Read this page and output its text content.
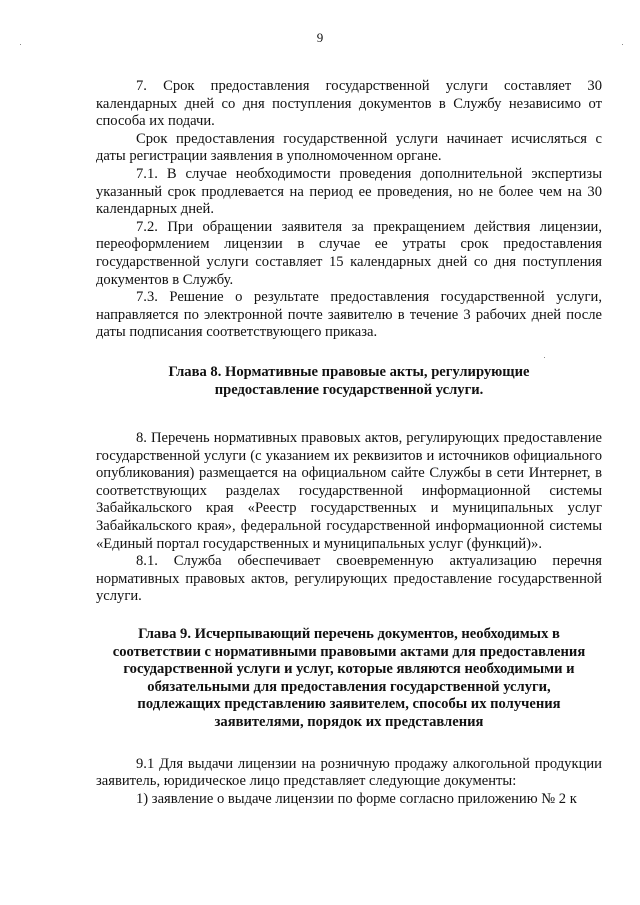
9

7. Срок предоставления государственной услуги составляет 30 календарных дней со дня поступления документов в Службу независимо от способа их подачи.

Срок предоставления государственной услуги начинает исчисляться с даты регистрации заявления в уполномоченном органе.

7.1. В случае необходимости проведения дополнительной экспертизы указанный срок продлевается на период ее проведения, но не более чем на 30 календарных дней.

7.2. При обращении заявителя за прекращением действия лицензии, переоформлением лицензии в случае ее утраты срок предоставления государственной услуги составляет 15 календарных дней со дня поступления документов в Службу.

7.3. Решение о результате предоставления государственной услуги, направляется по электронной почте заявителю в течение 3 рабочих дней после даты подписания соответствующего приказа.

Глава 8. Нормативные правовые акты, регулирующие
предоставление государственной услуги.

8. Перечень нормативных правовых актов, регулирующих предоставление государственной услуги (с указанием их реквизитов и источников официального опубликования) размещается на официальном сайте Службы в сети Интернет, в соответствующих разделах государственной информационной системы Забайкальского края «Реестр государственных и муниципальных услуг Забайкальского края», федеральной государственной информационной системы «Единый портал государственных и муниципальных услуг (функций)».

8.1. Служба обеспечивает своевременную актуализацию перечня нормативных правовых актов, регулирующих предоставление государственной услуги.

Глава 9. Исчерпывающий перечень документов, необходимых в
соответствии с нормативными правовыми актами для предоставления
государственной услуги и услуг, которые являются необходимыми и
обязательными для предоставления государственной услуги,
подлежащих представлению заявителем, способы их получения
заявителями, порядок их представления

9.1 Для выдачи лицензии на розничную продажу алкогольной продукции заявитель, юридическое лицо представляет следующие документы:

1) заявление о выдаче лицензии по форме согласно приложению № 2 к
